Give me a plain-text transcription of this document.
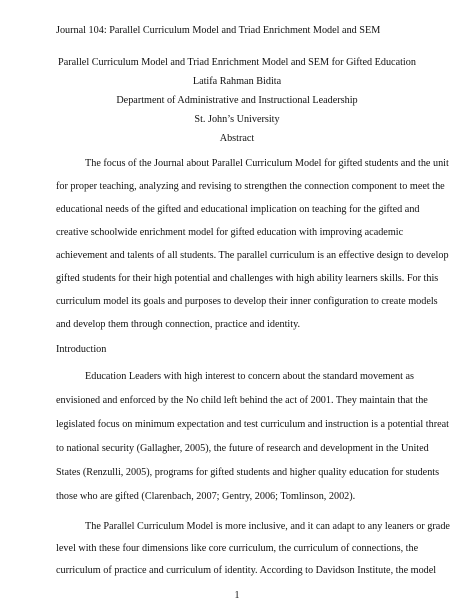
Journal 104: Parallel Curriculum Model and Triad Enrichment Model and SEM
Parallel Curriculum Model and Triad Enrichment Model and SEM for Gifted Education
Latifa Rahman Bidita
Department of Administrative and Instructional Leadership
St. John’s University
Abstract
The focus of the Journal about Parallel Curriculum Model for gifted students and the unit
for proper teaching, analyzing and revising to strengthen the connection component to meet the
educational needs of the gifted and educational implication on teaching for the gifted and
creative schoolwide enrichment model for gifted education with improving academic
achievement and talents of all students. The parallel curriculum is an effective design to develop
gifted students for their high potential and challenges with high ability learners skills. For this
curriculum model its goals and purposes to develop their inner configuration to create models
and develop them through connection, practice and identity.
Introduction
Education Leaders with high interest to concern about the standard movement as
envisioned and enforced by the No child left behind the act of 2001. They maintain that the
legislated focus on minimum expectation and test curriculum and instruction is a potential threat
to national security (Gallagher, 2005), the future of research and development in the United
States (Renzulli, 2005), programs for gifted students and higher quality education for students
those who are gifted (Clarenbach, 2007; Gentry, 2006; Tomlinson, 2002).
The Parallel Curriculum Model is more inclusive, and it can adapt to any leaners or grade
level with these four dimensions like core curriculum, the curriculum of connections, the
curriculum of practice and curriculum of identity. According to Davidson Institute, the model
1
